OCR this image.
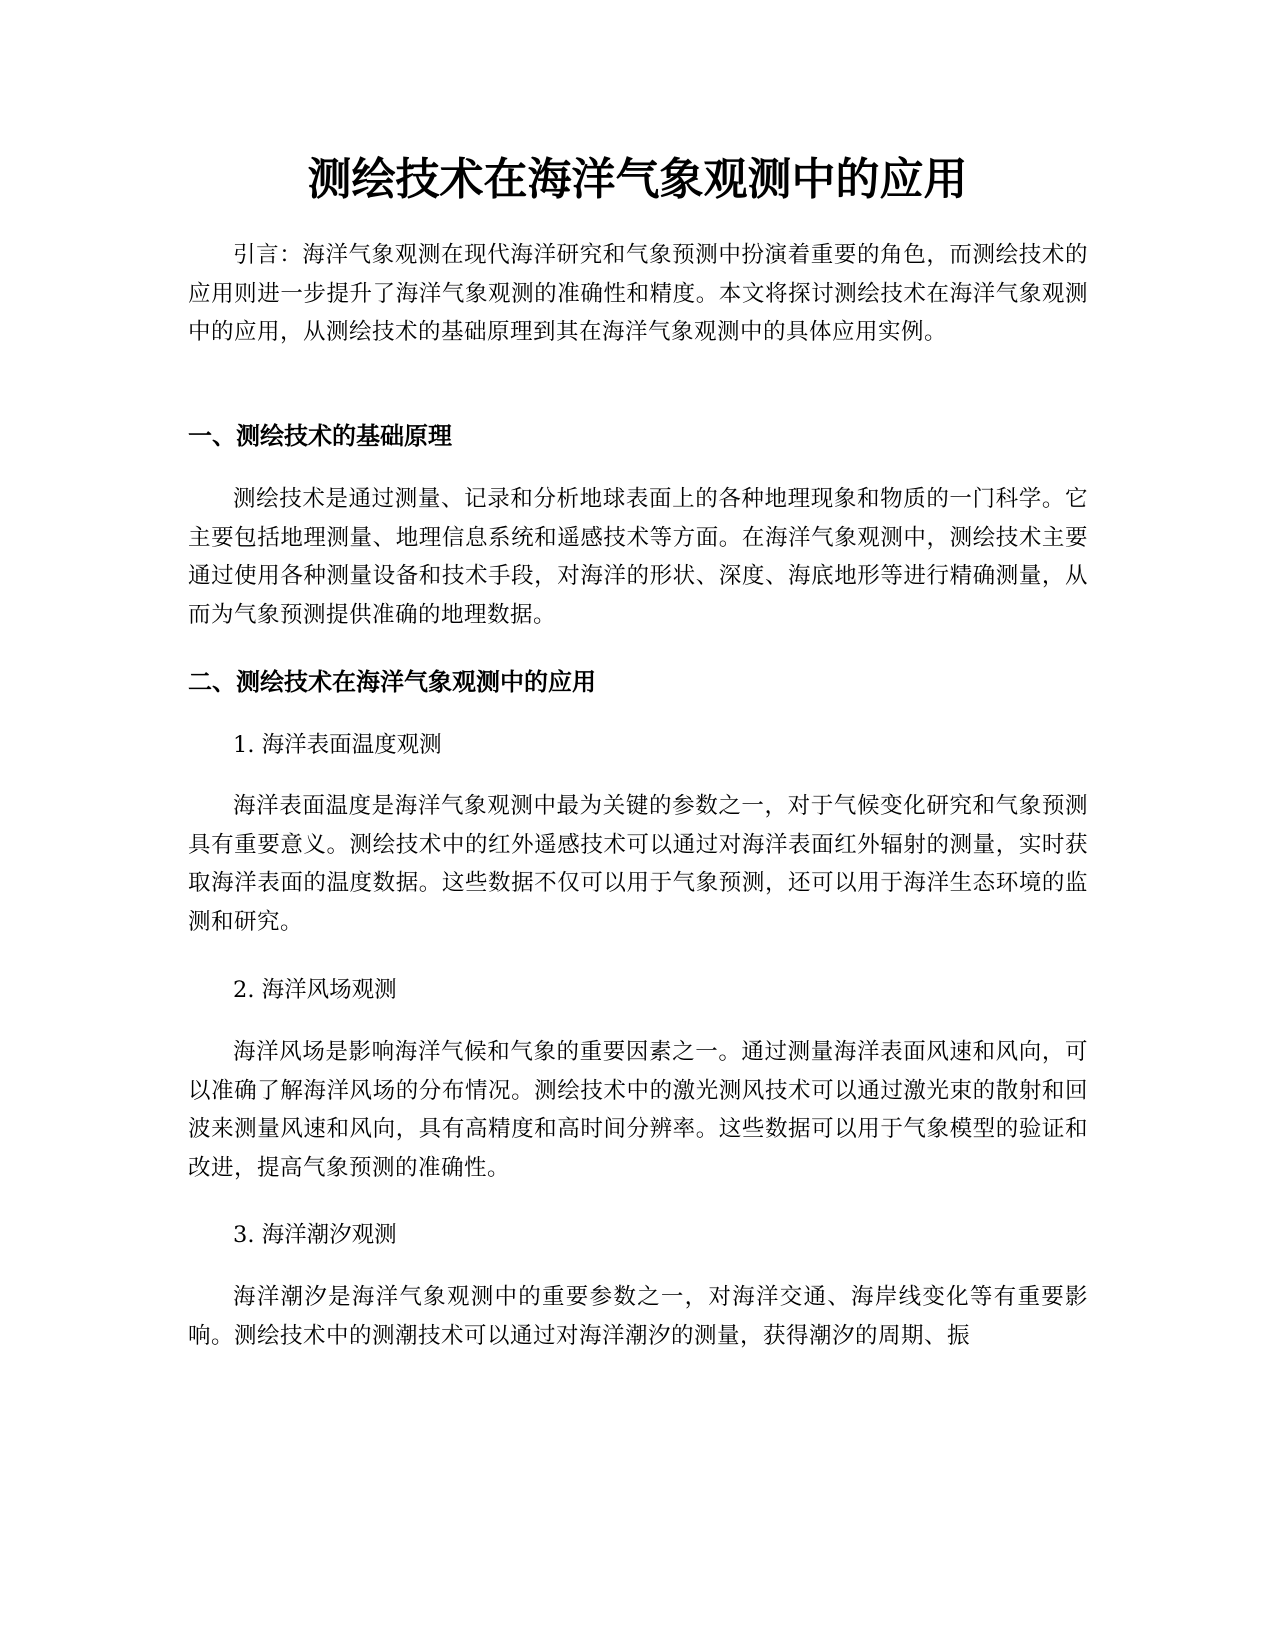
测绘技术在海洋气象观测中的应用

引言：海洋气象观测在现代海洋研究和气象预测中扮演着重要的角色，而测绘技术的应用则进一步提升了海洋气象观测的准确性和精度。本文将探讨测绘技术在海洋气象观测中的应用，从测绘技术的基础原理到其在海洋气象观测中的具体应用实例。

一、测绘技术的基础原理

测绘技术是通过测量、记录和分析地球表面上的各种地理现象和物质的一门科学。它主要包括地理测量、地理信息系统和遥感技术等方面。在海洋气象观测中，测绘技术主要通过使用各种测量设备和技术手段，对海洋的形状、深度、海底地形等进行精确测量，从而为气象预测提供准确的地理数据。

二、测绘技术在海洋气象观测中的应用

1. 海洋表面温度观测

海洋表面温度是海洋气象观测中最为关键的参数之一，对于气候变化研究和气象预测具有重要意义。测绘技术中的红外遥感技术可以通过对海洋表面红外辐射的测量，实时获取海洋表面的温度数据。这些数据不仅可以用于气象预测，还可以用于海洋生态环境的监测和研究。

2. 海洋风场观测

海洋风场是影响海洋气候和气象的重要因素之一。通过测量海洋表面风速和风向，可以准确了解海洋风场的分布情况。测绘技术中的激光测风技术可以通过激光束的散射和回波来测量风速和风向，具有高精度和高时间分辨率。这些数据可以用于气象模型的验证和改进，提高气象预测的准确性。

3. 海洋潮汐观测

海洋潮汐是海洋气象观测中的重要参数之一，对海洋交通、海岸线变化等有重要影响。测绘技术中的测潮技术可以通过对海洋潮汐的测量，获得潮汐的周期、振
